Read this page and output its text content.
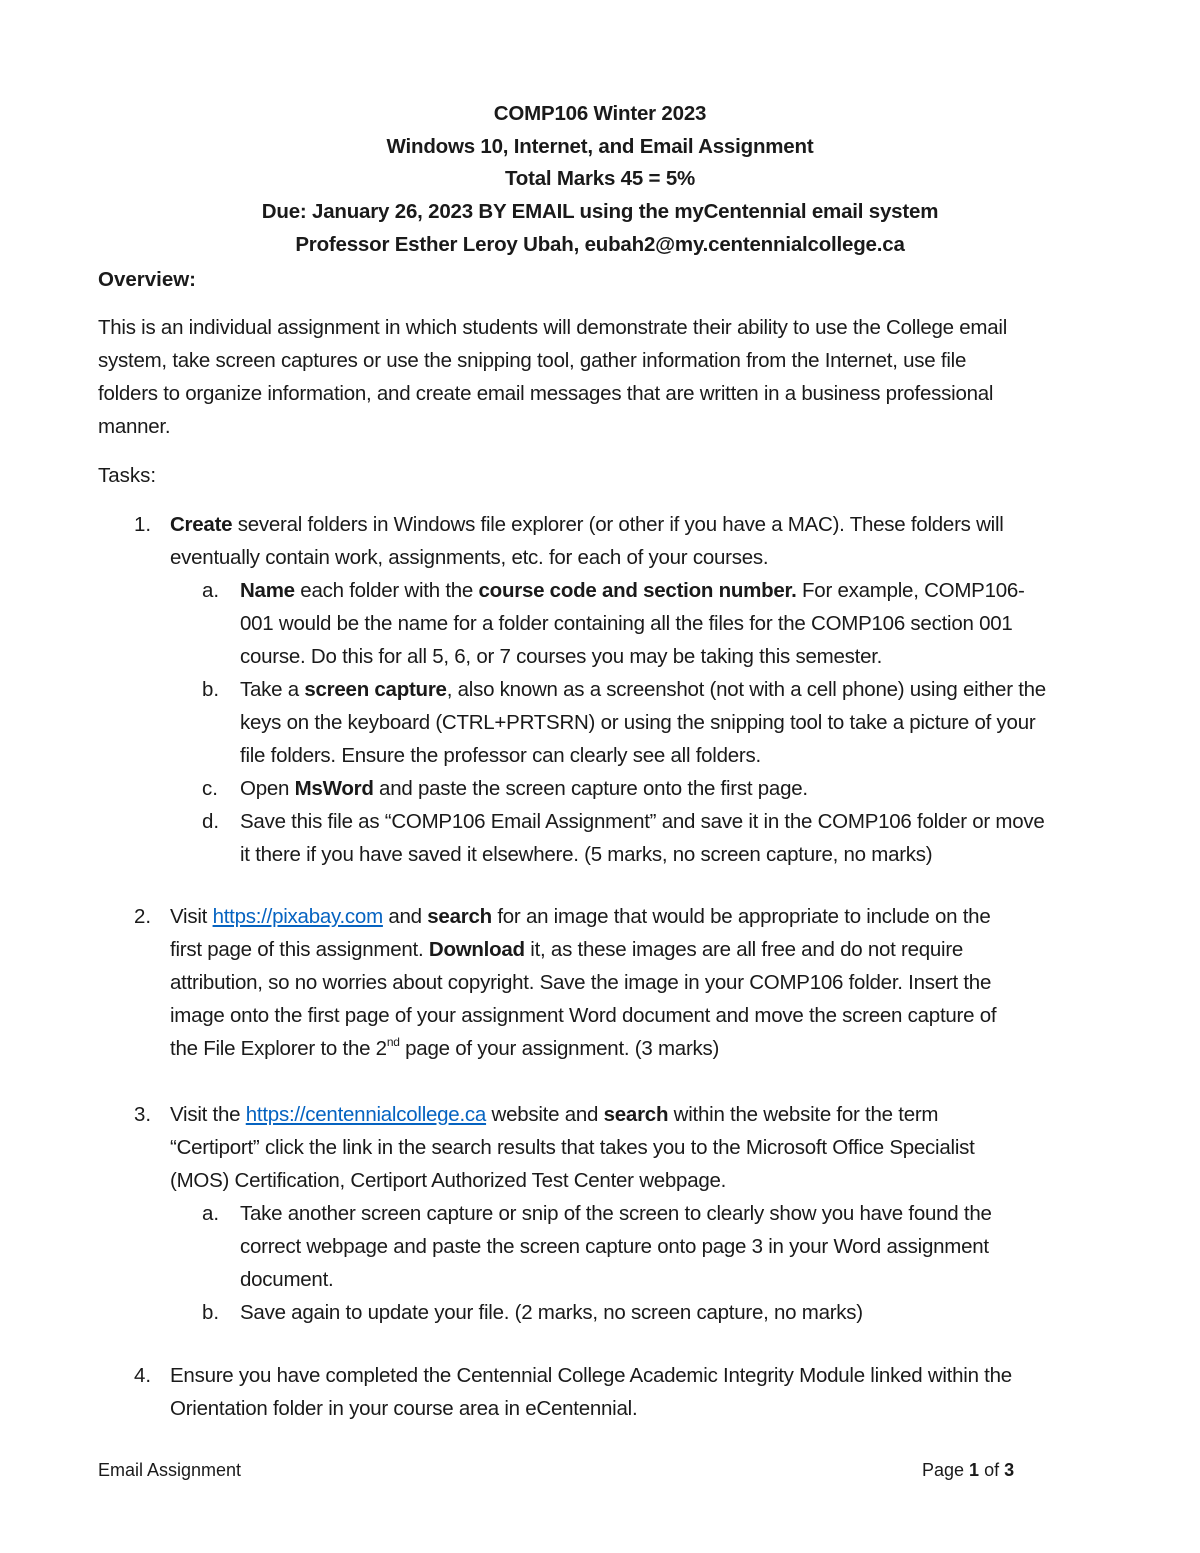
COMP106 Winter 2023
Windows 10, Internet, and Email Assignment
Total Marks 45 = 5%
Due: January 26, 2023 BY EMAIL using the myCentennial email system
Professor Esther Leroy Ubah, eubah2@my.centennialcollege.ca
Overview:
This is an individual assignment in which students will demonstrate their ability to use the College email
system, take screen captures or use the snipping tool, gather information from the Internet, use file
folders to organize information, and create email messages that are written in a business professional
manner.
Tasks:
1. Create several folders in Windows file explorer (or other if you have a MAC). These folders will
eventually contain work, assignments, etc. for each of your courses.
a. Name each folder with the course code and section number. For example, COMP106-
001 would be the name for a folder containing all the files for the COMP106 section 001
course. Do this for all 5, 6, or 7 courses you may be taking this semester.
b. Take a screen capture, also known as a screenshot (not with a cell phone) using either the
keys on the keyboard (CTRL+PRTSRN) or using the snipping tool to take a picture of your
file folders. Ensure the professor can clearly see all folders.
c. Open MsWord and paste the screen capture onto the first page.
d. Save this file as “COMP106 Email Assignment” and save it in the COMP106 folder or move
it there if you have saved it elsewhere. (5 marks, no screen capture, no marks)
2. Visit https://pixabay.com and search for an image that would be appropriate to include on the
first page of this assignment. Download it, as these images are all free and do not require
attribution, so no worries about copyright. Save the image in your COMP106 folder. Insert the
image onto the first page of your assignment Word document and move the screen capture of
the File Explorer to the 2nd page of your assignment. (3 marks)
3. Visit the https://centennialcollege.ca website and search within the website for the term
“Certiport” click the link in the search results that takes you to the Microsoft Office Specialist
(MOS) Certification, Certiport Authorized Test Center webpage.
a. Take another screen capture or snip of the screen to clearly show you have found the
correct webpage and paste the screen capture onto page 3 in your Word assignment
document.
b. Save again to update your file. (2 marks, no screen capture, no marks)
4. Ensure you have completed the Centennial College Academic Integrity Module linked within the
Orientation folder in your course area in eCentennial.
Email Assignment	Page 1 of 3
